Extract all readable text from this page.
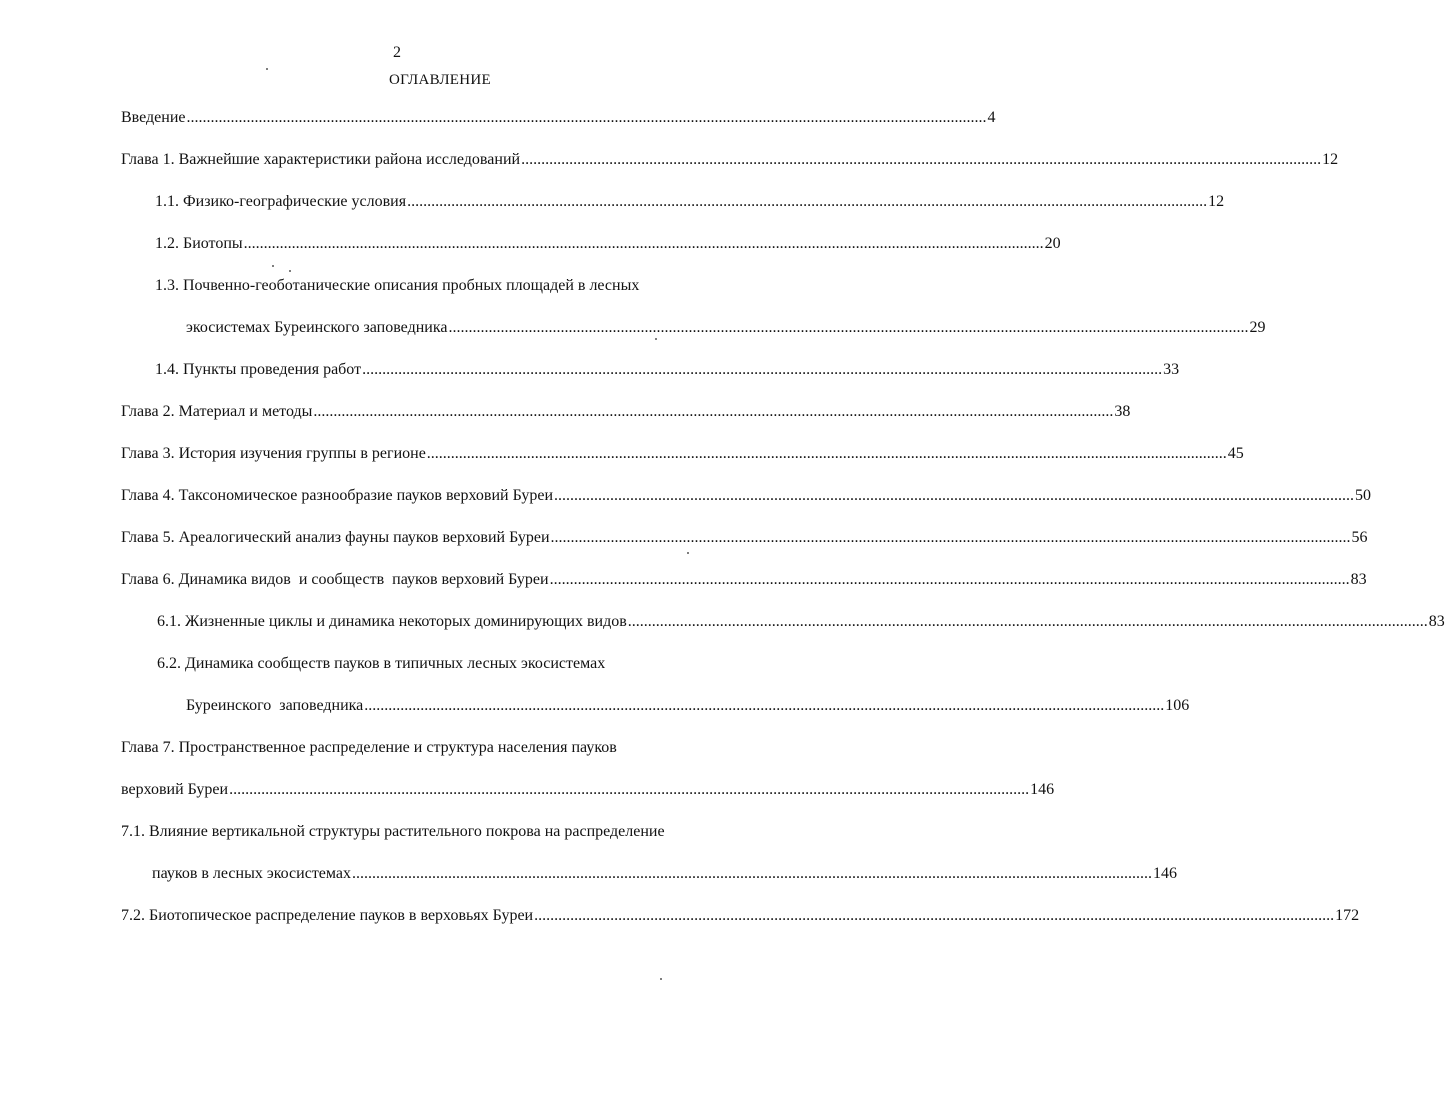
2
ОГЛАВЛЕНИЕ
Введение ........................................................................................................................................................................................................ 4
Глава 1. Важнейшие характеристики района исследований ........................................................................................................................................................................................................ 12
1.1. Физико-географические условия ........................................................................................................................................................................................................ 12
1.2. Биотопы ........................................................................................................................................................................................................ 20
1.3. Почвенно-геоботанические описания пробных площадей в лесных
экосистемах Буреинского заповедника ........................................................................................................................................................................................................ 29
1.4. Пункты проведения работ ........................................................................................................................................................................................................ 33
Глава 2. Материал и методы ........................................................................................................................................................................................................ 38
Глава 3. История изучения группы в регионе ........................................................................................................................................................................................................ 45
Глава 4. Таксономическое разнообразие пауков верховий Буреи ........................................................................................................................................................................................................ 50
Глава 5. Ареалогический анализ фауны пауков верховий Буреи ........................................................................................................................................................................................................ 56
Глава 6. Динамика видов  и сообществ  пауков верховий Буреи ........................................................................................................................................................................................................ 83
6.1. Жизненные циклы и динамика некоторых доминирующих видов ........................................................................................................................................................................................................ 83
6.2. Динамика сообществ пауков в типичных лесных экосистемах
Буреинского  заповедника ........................................................................................................................................................................................................ 106
Глава 7. Пространственное распределение и структура населения пауков
верховий Буреи ........................................................................................................................................................................................................ 146
7.1. Влияние вертикальной структуры растительного покрова на распределение
пауков в лесных экосистемах ........................................................................................................................................................................................................ 146
7.2. Биотопическое распределение пауков в верховьях Буреи ........................................................................................................................................................................................................ 172
